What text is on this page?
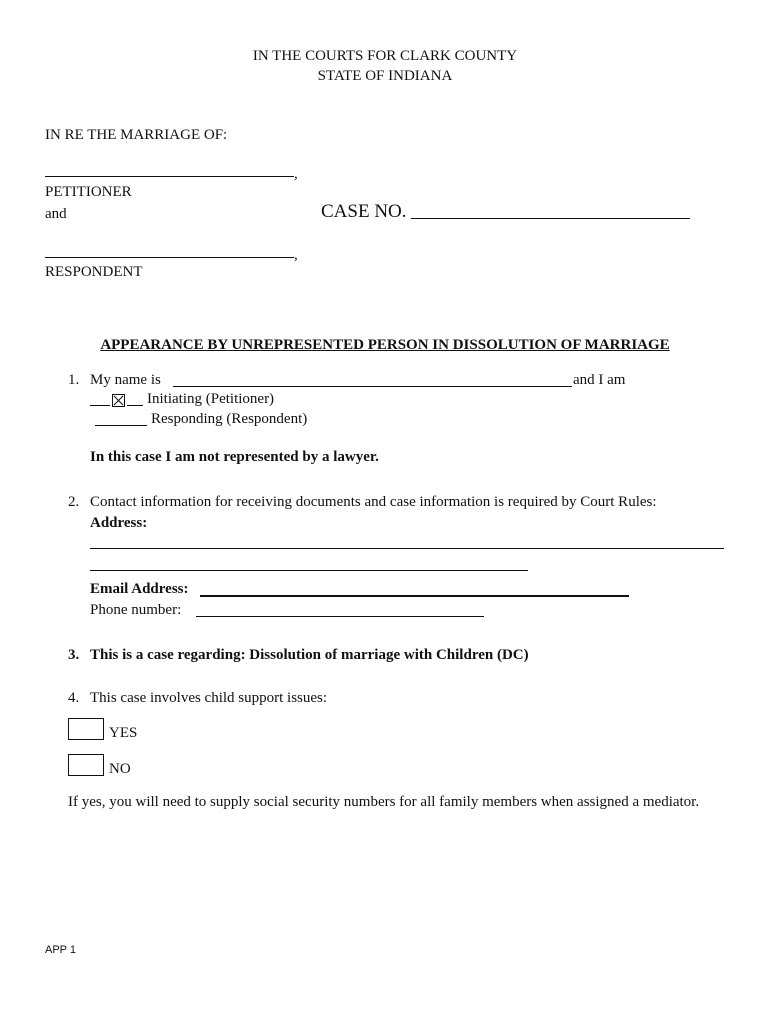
IN THE COURTS FOR CLARK COUNTY
STATE OF INDIANA
IN RE THE MARRIAGE OF:
,
PETITIONER
and	CASE NO.
,
RESPONDENT
APPEARANCE BY UNREPRESENTED PERSON IN DISSOLUTION OF MARRIAGE
1. My name is	and I am
Initiating (Petitioner)
Responding (Respondent)
In this case I am not represented by a lawyer.
2. Contact information for receiving documents and case information is required by Court Rules:
Address:
Email Address:
Phone number:
3. This is a case regarding: Dissolution of marriage with Children (DC)
4. This case involves child support issues:
YES
NO
If yes, you will need to supply social security numbers for all family members when assigned a mediator.
APP 1
